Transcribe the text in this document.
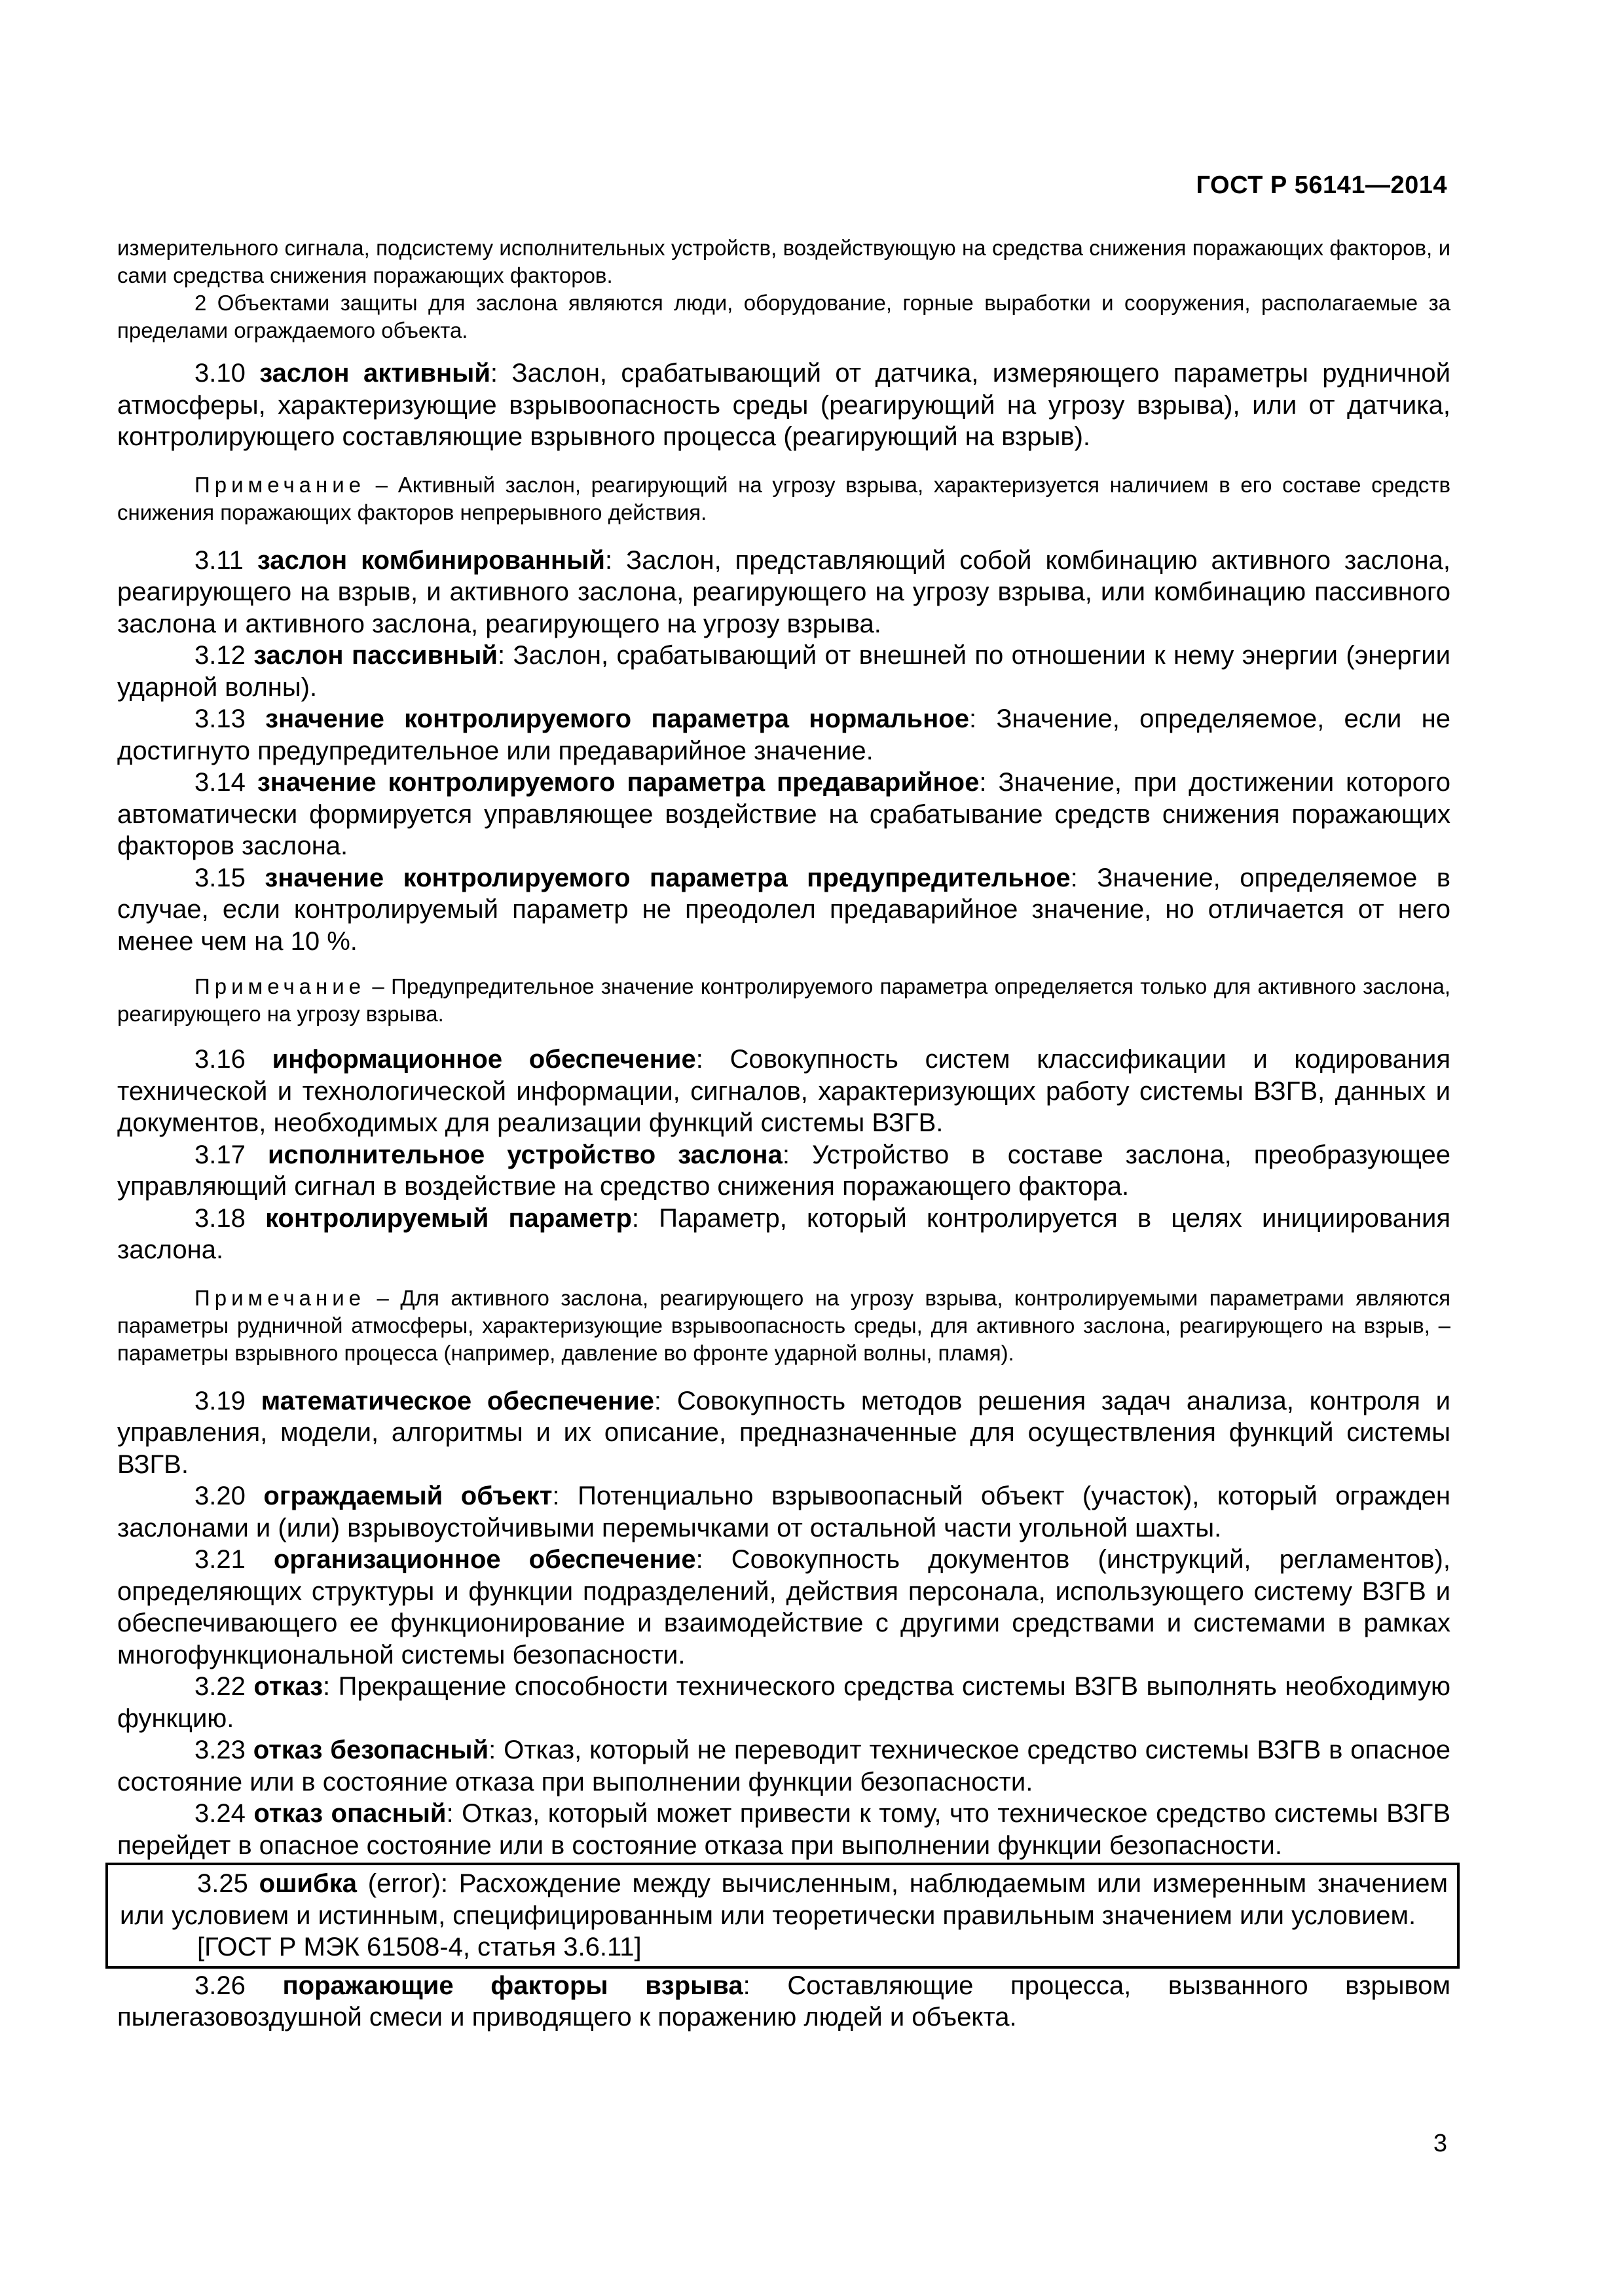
ГОСТ Р 56141—2014

измерительного сигнала, подсистему исполнительных устройств, воздействующую на средства снижения поражающих факторов, и сами средства снижения поражающих факторов.

2 Объектами защиты для заслона являются люди, оборудование, горные выработки и сооружения, располагаемые за пределами ограждаемого объекта.

3.10 заслон активный: Заслон, срабатывающий от датчика, измеряющего параметры рудничной атмосферы, характеризующие взрывоопасность среды (реагирующий на угрозу взрыва), или от датчика, контролирующего составляющие взрывного процесса (реагирующий на взрыв).

Примечание – Активный заслон, реагирующий на угрозу взрыва, характеризуется наличием в его составе средств снижения поражающих факторов непрерывного действия.

3.11 заслон комбинированный: Заслон, представляющий собой комбинацию активного заслона, реагирующего на взрыв, и активного заслона, реагирующего на угрозу взрыва, или комбинацию пассивного заслона и активного заслона, реагирующего на угрозу взрыва.

3.12 заслон пассивный: Заслон, срабатывающий от внешней по отношении к нему энергии (энергии ударной волны).

3.13 значение контролируемого параметра нормальное: Значение, определяемое, если не достигнуто предупредительное или предаварийное значение.

3.14 значение контролируемого параметра предаварийное: Значение, при достижении которого автоматически формируется управляющее воздействие на срабатывание средств снижения поражающих факторов заслона.

3.15 значение контролируемого параметра предупредительное: Значение, определяемое в случае, если контролируемый параметр не преодолел предаварийное значение, но отличается от него менее чем на 10 %.

Примечание – Предупредительное значение контролируемого параметра определяется только для активного заслона, реагирующего на угрозу взрыва.

3.16 информационное обеспечение: Совокупность систем классификации и кодирования технической и технологической информации, сигналов, характеризующих работу системы ВЗГВ, данных и документов, необходимых для реализации функций системы ВЗГВ.

3.17 исполнительное устройство заслона: Устройство в составе заслона, преобразующее управляющий сигнал в воздействие на средство снижения поражающего фактора.

3.18 контролируемый параметр: Параметр, который контролируется в целях инициирования заслона.

Примечание – Для активного заслона, реагирующего на угрозу взрыва, контролируемыми параметрами являются параметры рудничной атмосферы, характеризующие взрывоопасность среды, для активного заслона, реагирующего на взрыв, – параметры взрывного процесса (например, давление во фронте ударной волны, пламя).

3.19 математическое обеспечение: Совокупность методов решения задач анализа, контроля и управления, модели, алгоритмы и их описание, предназначенные для осуществления функций системы ВЗГВ.

3.20 ограждаемый объект: Потенциально взрывоопасный объект (участок), который огражден заслонами и (или) взрывоустойчивыми перемычками от остальной части угольной шахты.

3.21 организационное обеспечение: Совокупность документов (инструкций, регламентов), определяющих структуры и функции подразделений, действия персонала, использующего систему ВЗГВ и обеспечивающего ее функционирование и взаимодействие с другими средствами и системами в рамках многофункциональной системы безопасности.

3.22 отказ: Прекращение способности технического средства системы ВЗГВ выполнять необходимую функцию.

3.23 отказ безопасный: Отказ, который не переводит техническое средство системы ВЗГВ в опасное состояние или в состояние отказа при выполнении функции безопасности.

3.24 отказ опасный: Отказ, который может привести к тому, что техническое средство системы ВЗГВ перейдет в опасное состояние или в состояние отказа при выполнении функции безопасности.

3.25 ошибка (error): Расхождение между вычисленным, наблюдаемым или измеренным значением или условием и истинным, специфицированным или теоретически правильным значением или условием.

[ГОСТ Р МЭК 61508-4, статья 3.6.11]

3.26 поражающие факторы взрыва: Составляющие процесса, вызванного взрывом пылегазовоздушной смеси и приводящего к поражению людей и объекта.

3
